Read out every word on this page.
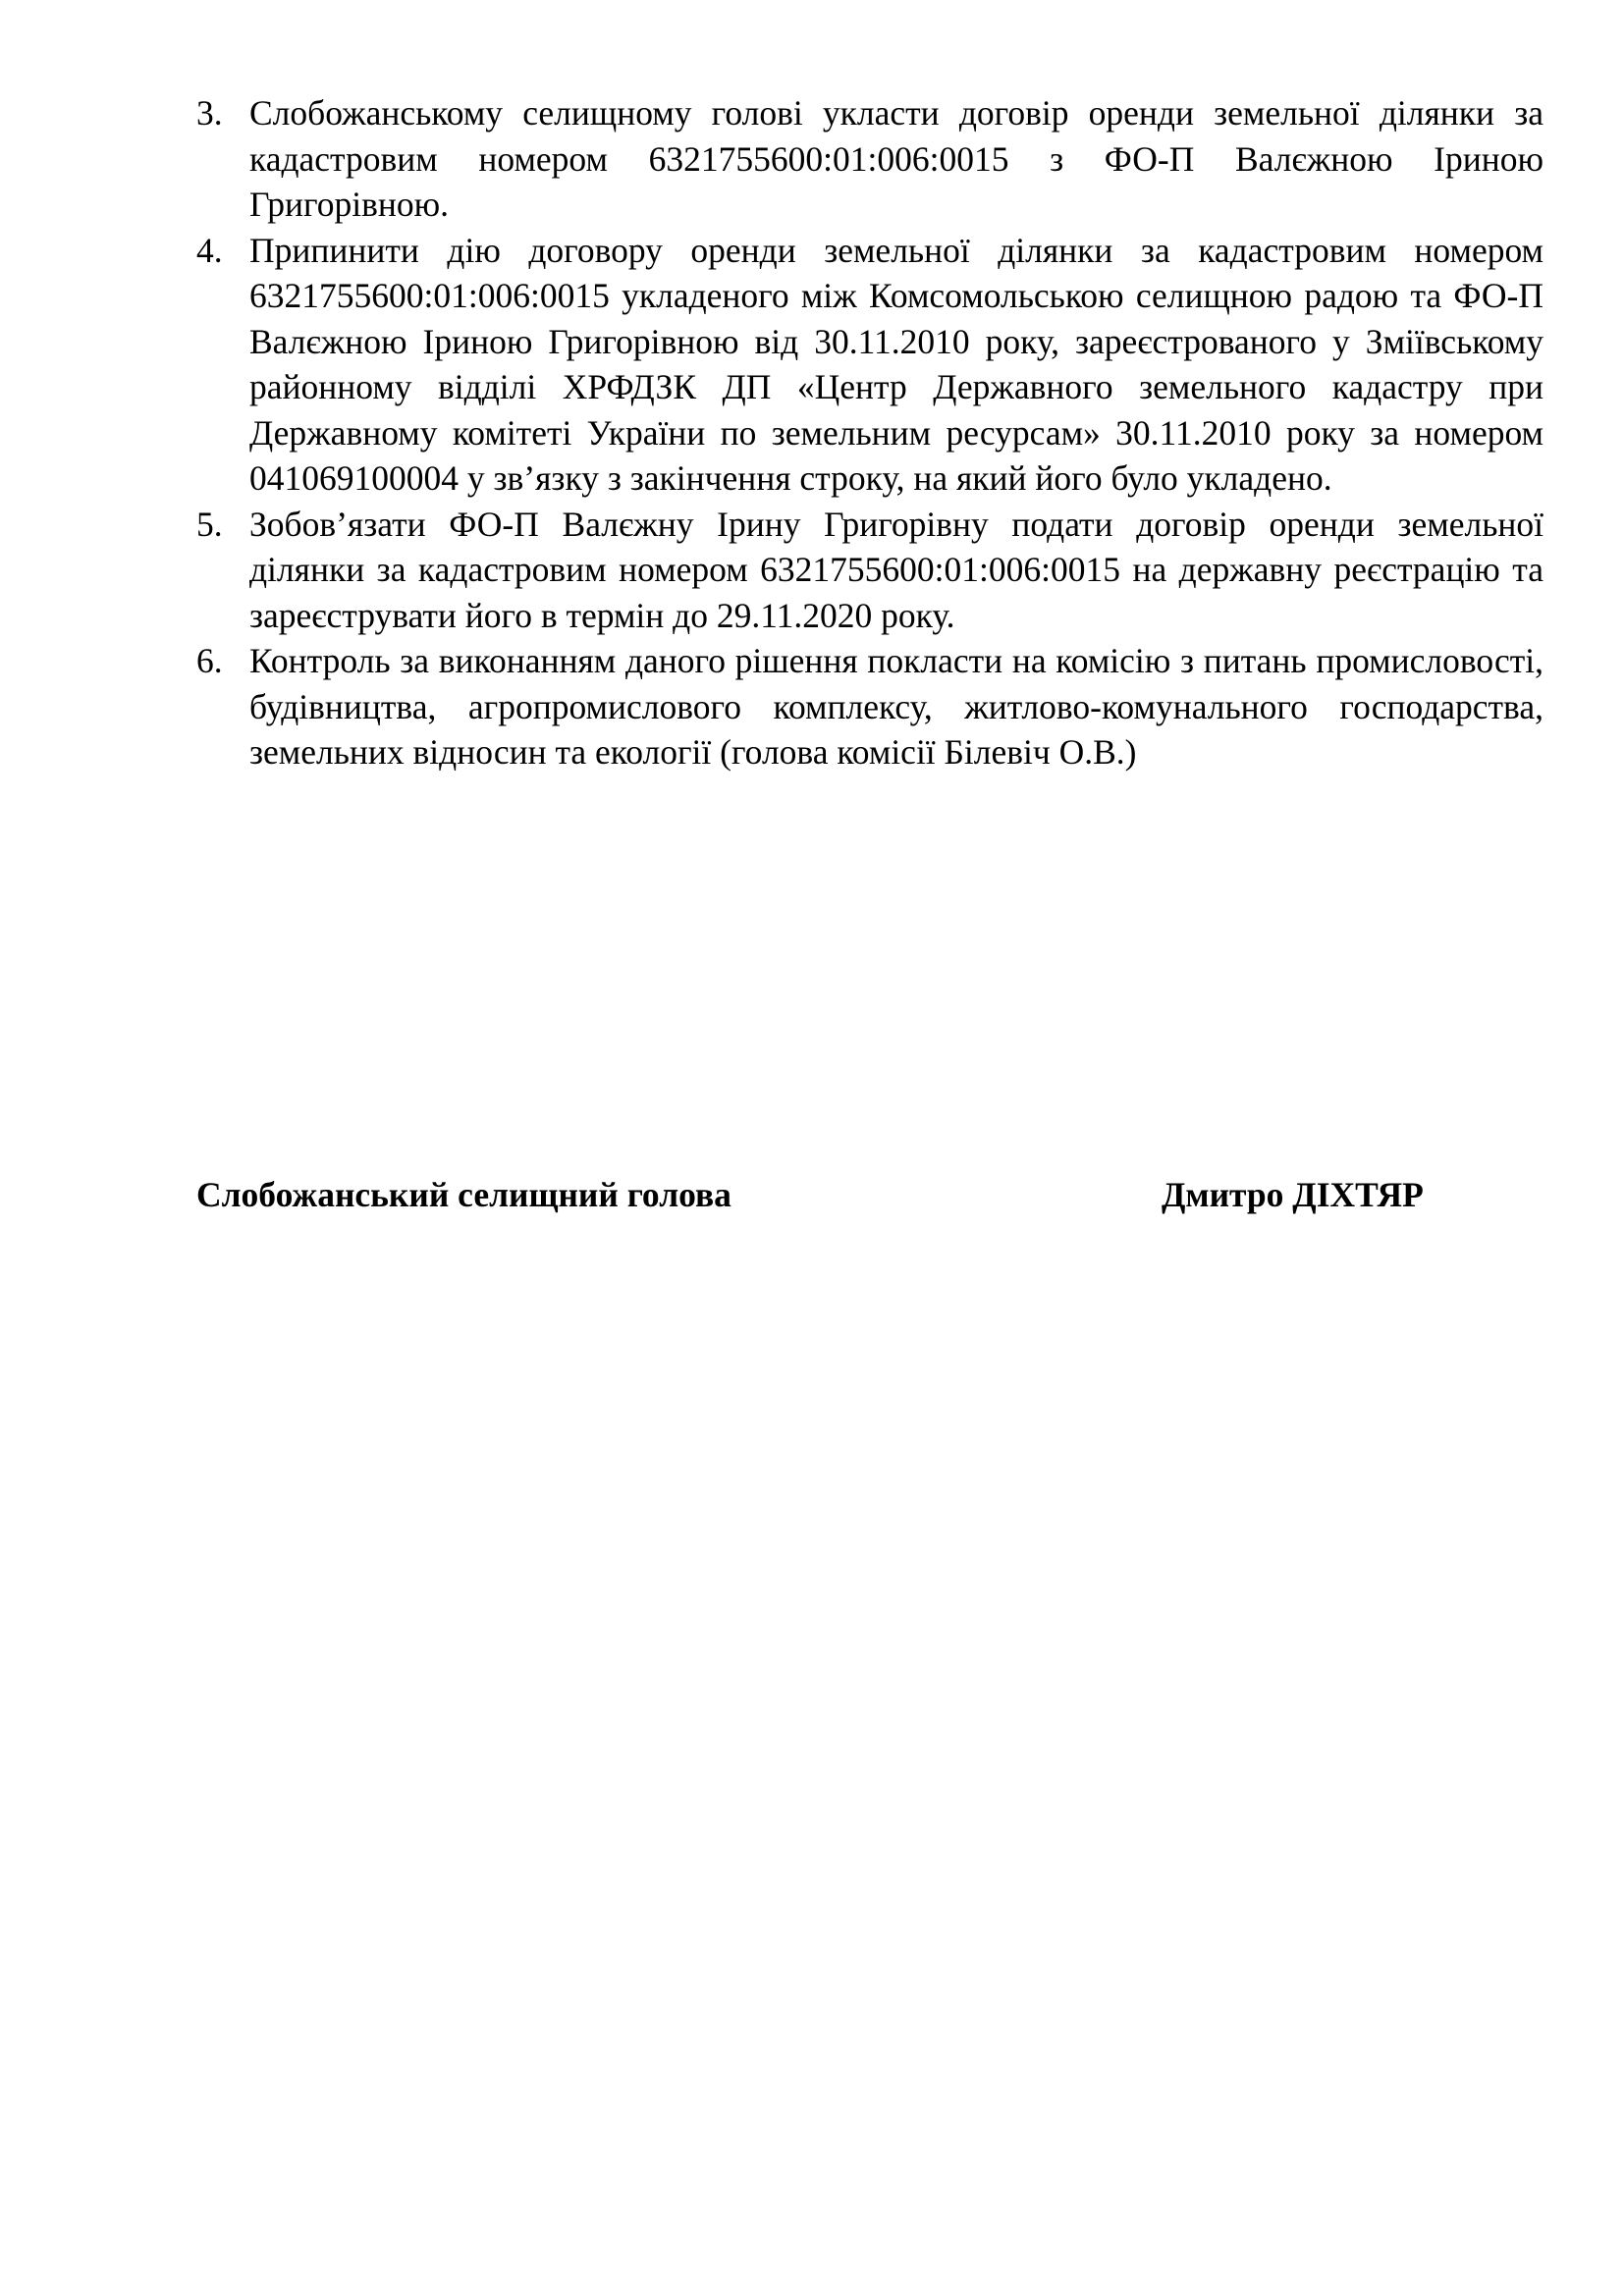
3. Слобожанському селищному голові укласти договір оренди земельної ділянки за кадастровим номером 6321755600:01:006:0015 з ФО-П Валєжною Іриною Григорівною.
4. Припинити дію договору оренди земельної ділянки за кадастровим номером 6321755600:01:006:0015 укладеного між Комсомольською селищною радою та ФО-П Валєжною Іриною Григорівною від 30.11.2010 року, зареєстрованого у Зміївському районному відділі ХРФДЗК ДП «Центр Державного земельного кадастру при Державному комітеті України по земельним ресурсам» 30.11.2010 року за номером 041069100004 у зв’язку з закінчення строку, на який його було укладено.
5. Зобов’язати ФО-П Валєжну Ірину Григорівну подати договір оренди земельної ділянки за кадастровим номером 6321755600:01:006:0015 на державну реєстрацію та зареєструвати його в термін до 29.11.2020 року.
6. Контроль за виконанням даного рішення покласти на комісію з питань промисловості, будівництва, агропромислового комплексу, житлово-комунального господарства, земельних відносин та екології (голова комісії Білевіч О.В.)
Слобожанський селищний голова	Дмитро ДІХТЯР
